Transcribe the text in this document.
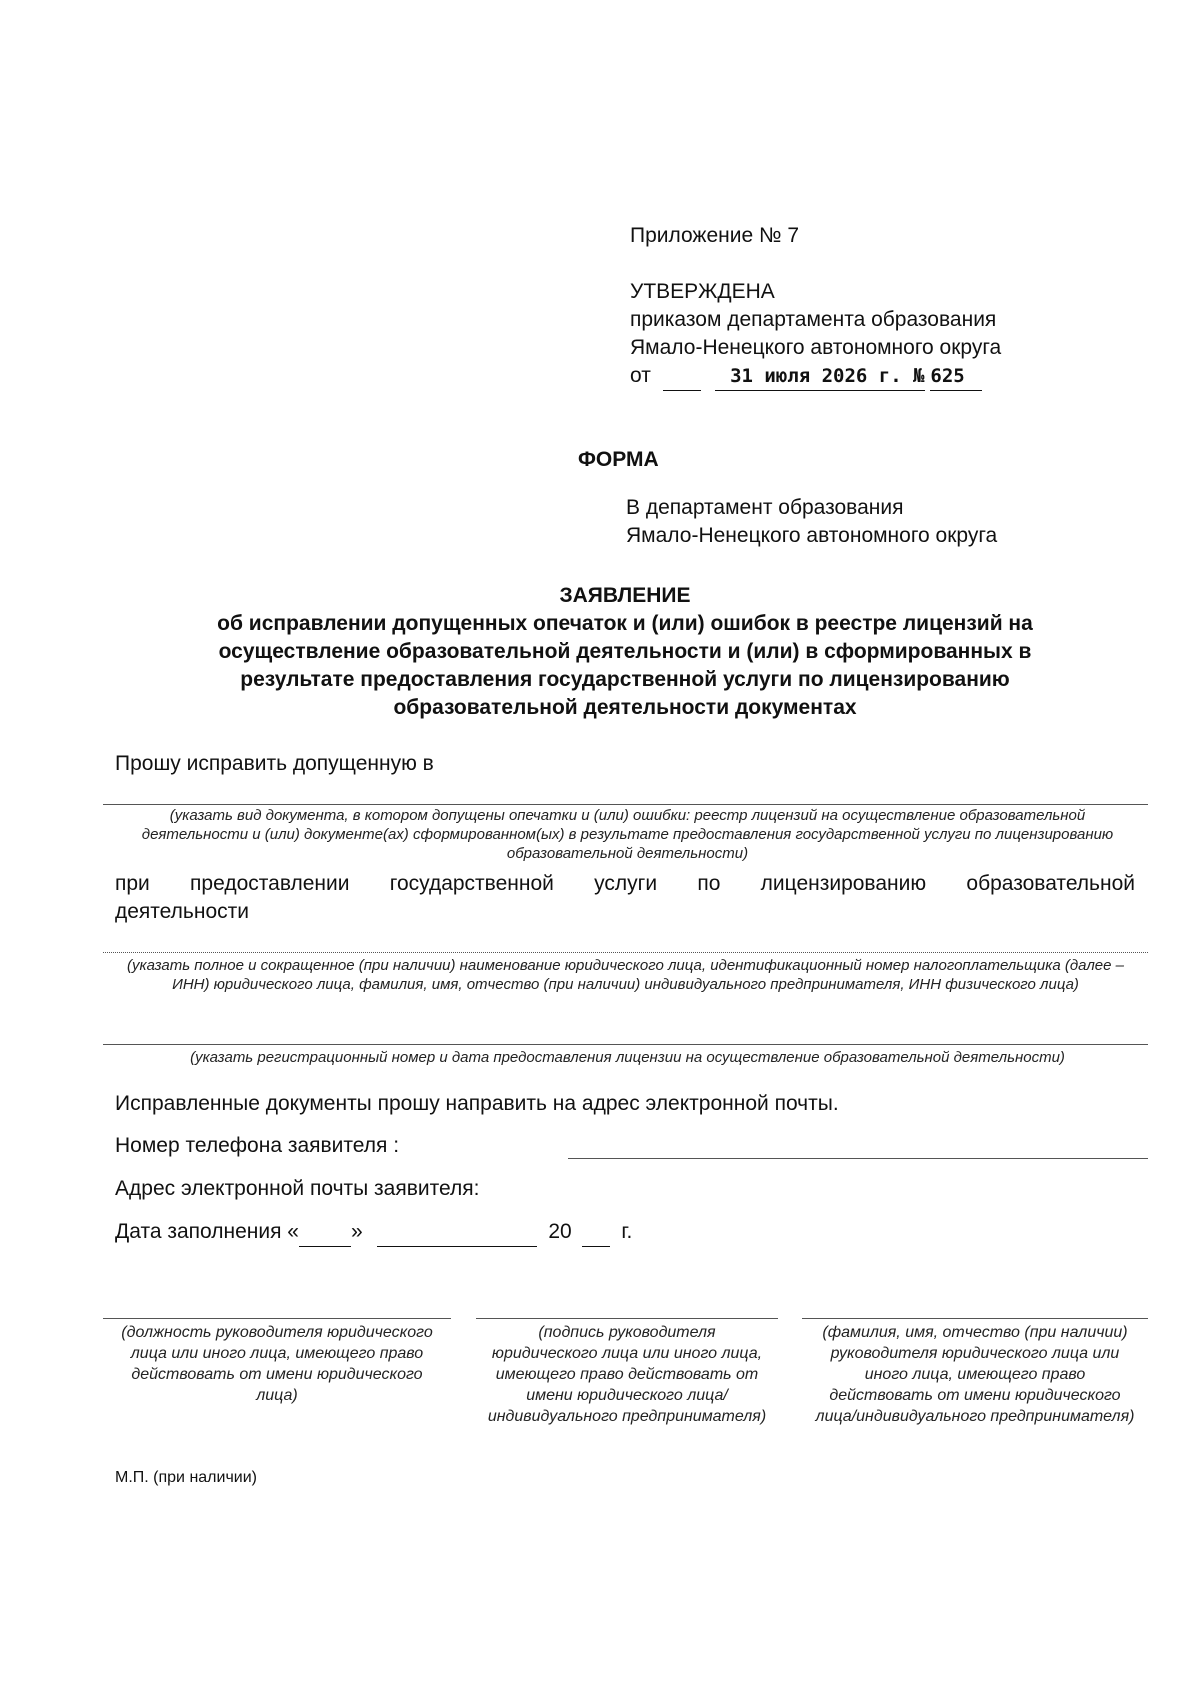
Приложение № 7
УТВЕРЖДЕНА
приказом департамента образования
Ямало-Ненецкого автономного округа
от	31 июля 2026 г. № 625
ФОРМА
В департамент образования
Ямало-Ненецкого автономного округа
ЗАЯВЛЕНИЕ
об исправлении допущенных опечаток и (или) ошибок в реестре лицензий на
осуществление образовательной деятельности и (или) в сформированных в
результате предоставления государственной услуги по лицензированию
образовательной деятельности документах
Прошу исправить допущенную в
(указать вид документа, в котором допущены опечатки и (или) ошибки: реестр лицензий на осуществление образовательной деятельности и (или) документе(ах) сформированном(ых) в результате предоставления государственной услуги по лицензированию образовательной деятельности)
при предоставлении государственной услуги по лицензированию образовательной
деятельности
(указать полное и сокращенное (при наличии) наименование юридического лица, идентификационный номер налогоплательщика (далее – ИНН) юридического лица, фамилия, имя, отчество (при наличии) индивидуального предпринимателя, ИНН физического лица)
(указать регистрационный номер и дата предоставления лицензии на осуществление образовательной деятельности)
Исправленные документы прошу направить на адрес электронной почты.
Номер телефона заявителя :
Адрес электронной почты заявителя:
Дата заполнения « »	20 г.
(должность руководителя юридического лица или иного лица, имеющего право действовать от имени юридического лица)
(подпись руководителя юридического лица или иного лица, имеющего право действовать от имени юридического лица/индивидуального предпринимателя)
(фамилия, имя, отчество (при наличии) руководителя юридического лица или иного лица, имеющего право действовать от имени юридического лица/индивидуального предпринимателя)
М.П. (при наличии)
